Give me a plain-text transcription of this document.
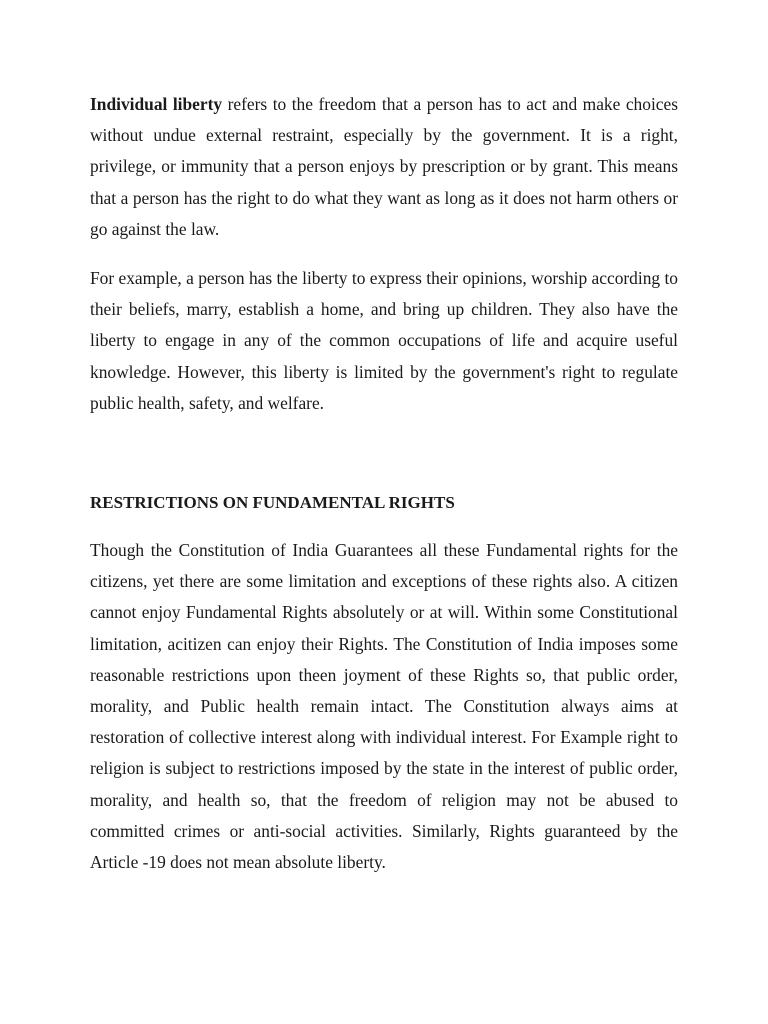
Individual liberty refers to the freedom that a person has to act and make choices without undue external restraint, especially by the government. It is a right, privilege, or immunity that a person enjoys by prescription or by grant. This means that a person has the right to do what they want as long as it does not harm others or go against the law.

For example, a person has the liberty to express their opinions, worship according to their beliefs, marry, establish a home, and bring up children. They also have the liberty to engage in any of the common occupations of life and acquire useful knowledge. However, this liberty is limited by the government's right to regulate public health, safety, and welfare.

RESTRICTIONS ON FUNDAMENTAL RIGHTS

Though the Constitution of India Guarantees all these Fundamental rights for the citizens, yet there are some limitation and exceptions of these rights also. A citizen cannot enjoy Fundamental Rights absolutely or at will. Within some Constitutional limitation, acitizen can enjoy their Rights. The Constitution of India imposes some reasonable restrictions upon theen joyment of these Rights so, that public order, morality, and Public health remain intact. The Constitution always aims at restoration of collective interest along with individual interest. For Example right to religion is subject to restrictions imposed by the state in the interest of public order, morality, and health so, that the freedom of religion may not be abused to committed crimes or anti-social activities. Similarly, Rights guaranteed by the Article -19 does not mean absolute liberty.
